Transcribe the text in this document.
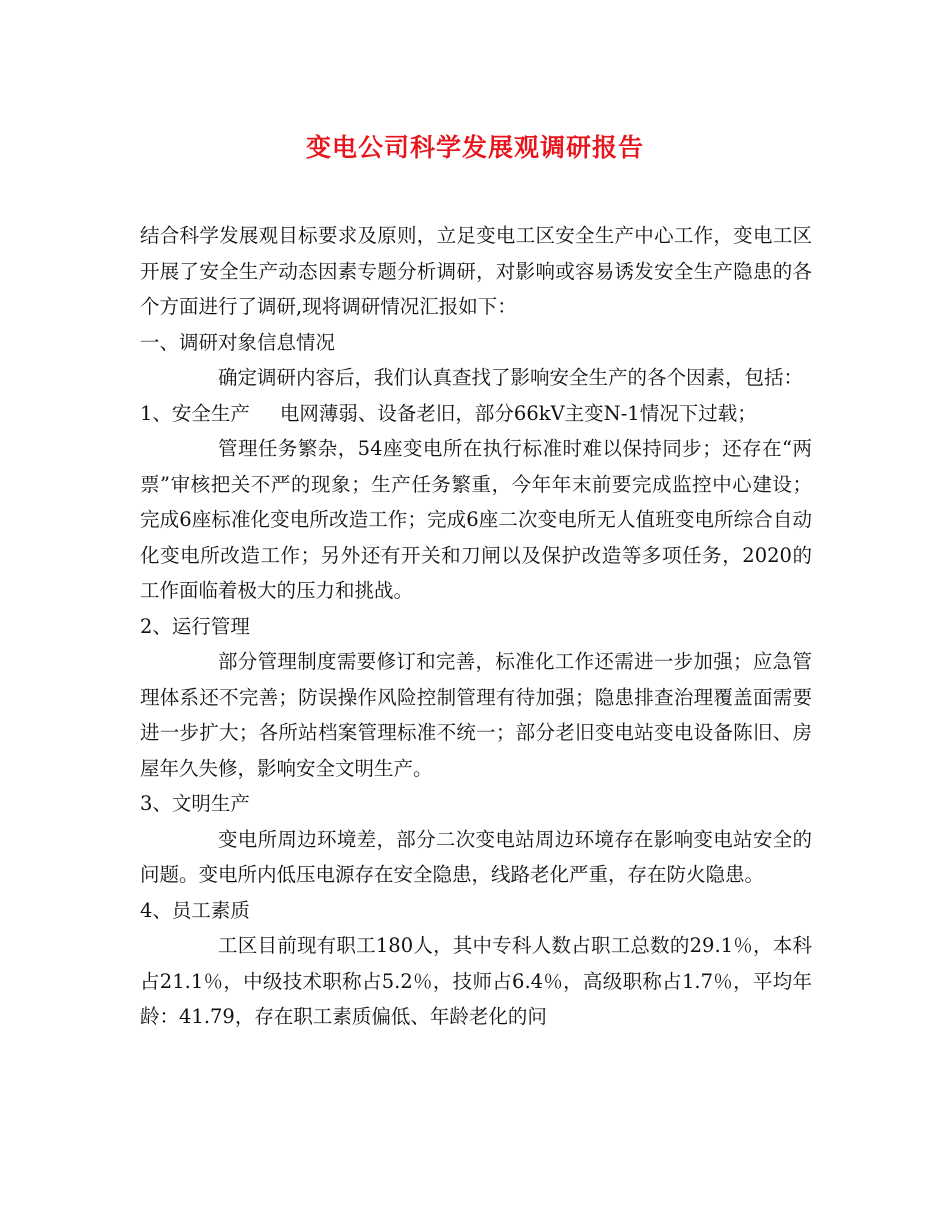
变电公司科学发展观调研报告

结合科学发展观目标要求及原则，立足变电工区安全生产中心工作，变电工区开展了安全生产动态因素专题分析调研，对影响或容易诱发安全生产隐患的各个方面进行了调研,现将调研情况汇报如下：

一、调研对象信息情况

确定调研内容后，我们认真查找了影响安全生产的各个因素，包括：

1、安全生产 电网薄弱、设备老旧，部分66kV主变N-1情况下过载；

管理任务繁杂，54座变电所在执行标准时难以保持同步；还存在“两票”审核把关不严的现象；生产任务繁重，今年年末前要完成监控中心建设；完成6座标准化变电所改造工作；完成6座二次变电所无人值班变电所综合自动化变电所改造工作；另外还有开关和刀闸以及保护改造等多项任务，2020的工作面临着极大的压力和挑战。

2、运行管理

部分管理制度需要修订和完善，标准化工作还需进一步加强；应急管理体系还不完善；防误操作风险控制管理有待加强；隐患排查治理覆盖面需要进一步扩大；各所站档案管理标准不统一；部分老旧变电站变电设备陈旧、房屋年久失修，影响安全文明生产。

3、文明生产

变电所周边环境差，部分二次变电站周边环境存在影响变电站安全的问题。变电所内低压电源存在安全隐患，线路老化严重，存在防火隐患。

4、员工素质

工区目前现有职工180人，其中专科人数占职工总数的29.1％，本科占21.1％，中级技术职称占5.2％，技师占6.4％，高级职称占1.7％，平均年龄：41.79，存在职工素质偏低、年龄老化的问
